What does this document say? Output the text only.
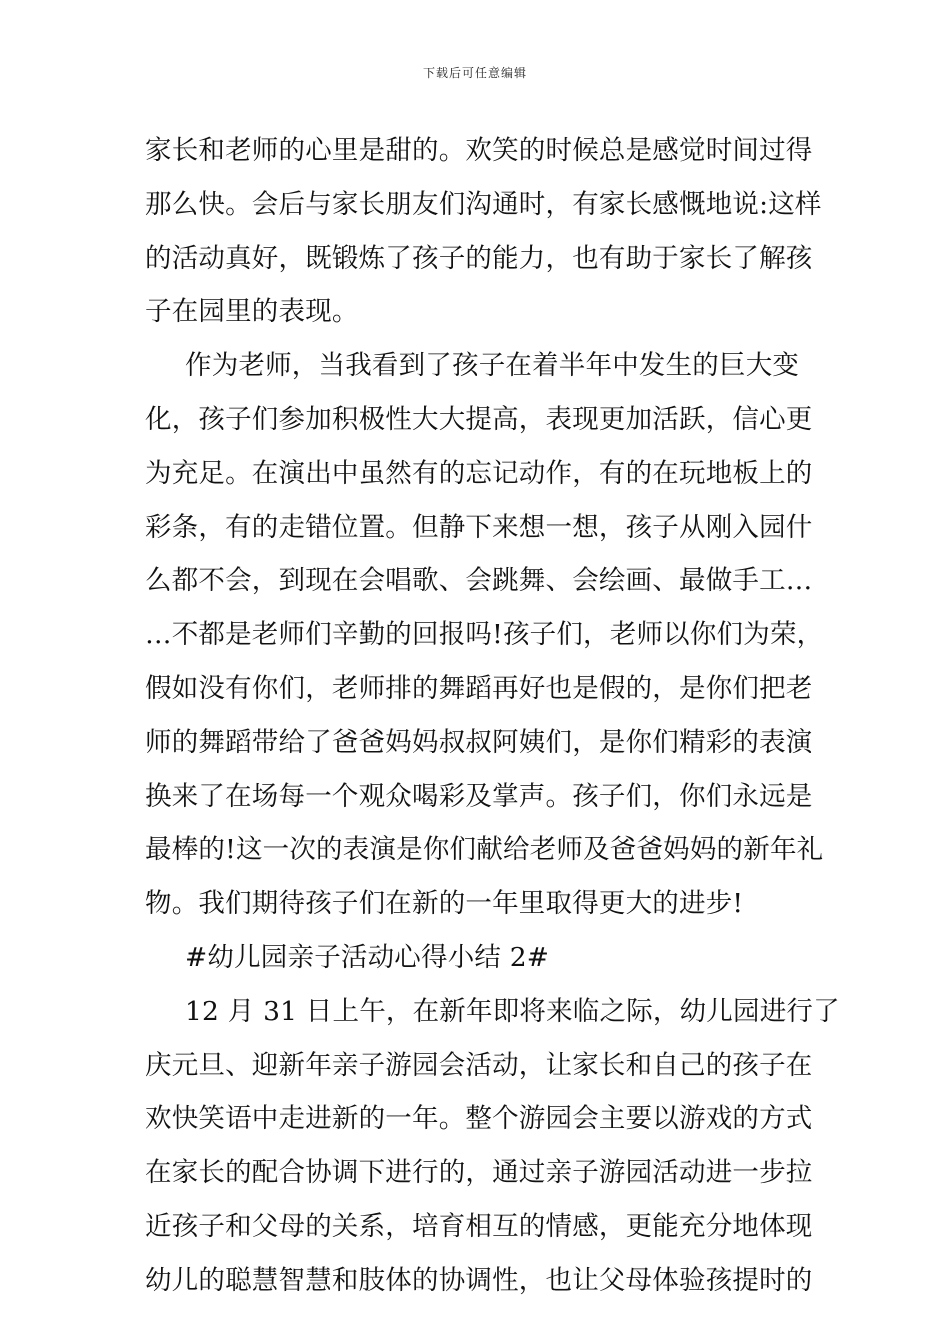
下载后可任意编辑
家长和老师的心里是甜的。欢笑的时候总是感觉时间过得
那么快。会后与家长朋友们沟通时，有家长感慨地说:这样
的活动真好，既锻炼了孩子的能力，也有助于家长了解孩
子在园里的表现。
作为老师，当我看到了孩子在着半年中发生的巨大变
化，孩子们参加积极性大大提高，表现更加活跃，信心更
为充足。在演出中虽然有的忘记动作，有的在玩地板上的
彩条，有的走错位置。但静下来想一想，孩子从刚入园什
么都不会，到现在会唱歌、会跳舞、会绘画、最做手工…
…不都是老师们辛勤的回报吗!孩子们，老师以你们为荣，
假如没有你们，老师排的舞蹈再好也是假的，是你们把老
师的舞蹈带给了爸爸妈妈叔叔阿姨们，是你们精彩的表演
换来了在场每一个观众喝彩及掌声。孩子们，你们永远是
最棒的!这一次的表演是你们献给老师及爸爸妈妈的新年礼
物。我们期待孩子们在新的一年里取得更大的进步!
#幼儿园亲子活动心得小结 2#
12 月 31 日上午，在新年即将来临之际，幼儿园进行了
庆元旦、迎新年亲子游园会活动，让家长和自己的孩子在
欢快笑语中走进新的一年。整个游园会主要以游戏的方式
在家长的配合协调下进行的，通过亲子游园活动进一步拉
近孩子和父母的关系，培育相互的情感，更能充分地体现
幼儿的聪慧智慧和肢体的协调性，也让父母体验孩提时的
